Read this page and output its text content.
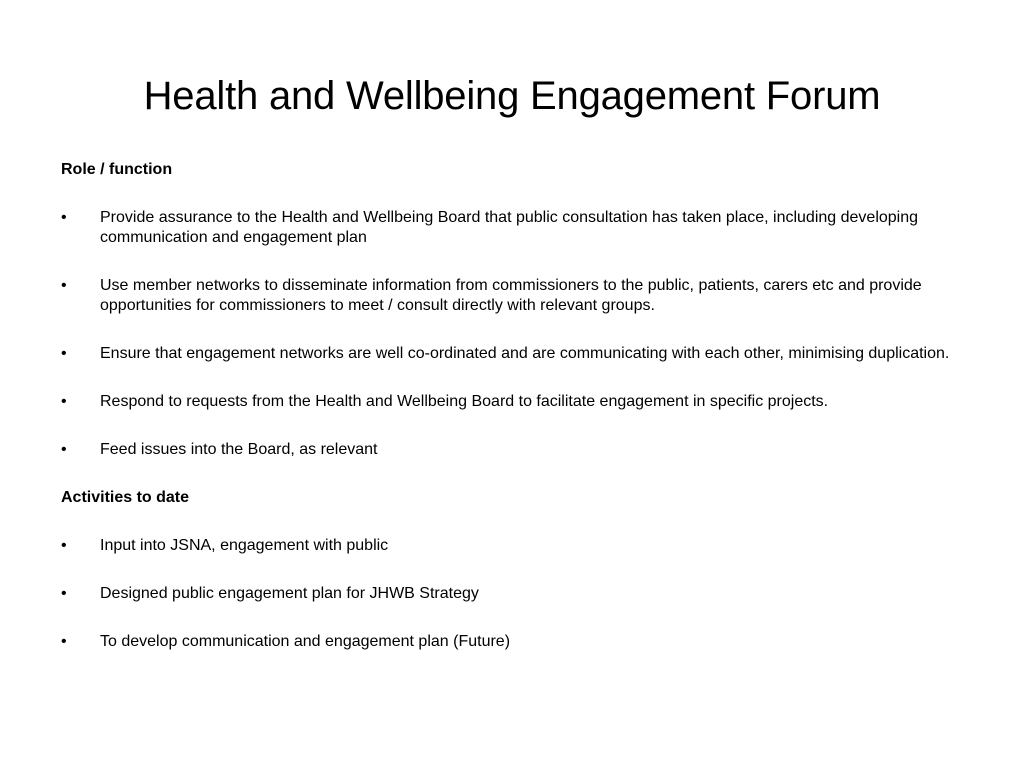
Health and Wellbeing Engagement Forum

Role / function

• Provide assurance to the Health and Wellbeing Board that public consultation has taken place, including developing communication and engagement plan
• Use member networks to disseminate information from commissioners to the public, patients, carers etc and provide opportunities for commissioners to meet / consult directly with relevant groups.
• Ensure that engagement networks are well co-ordinated and are communicating with each other, minimising duplication.
• Respond to requests from the Health and Wellbeing Board to facilitate engagement in specific projects.
• Feed issues into the Board, as relevant

Activities to date

• Input into JSNA, engagement with public
• Designed public engagement plan for JHWB Strategy
• To develop communication and engagement plan (Future)
